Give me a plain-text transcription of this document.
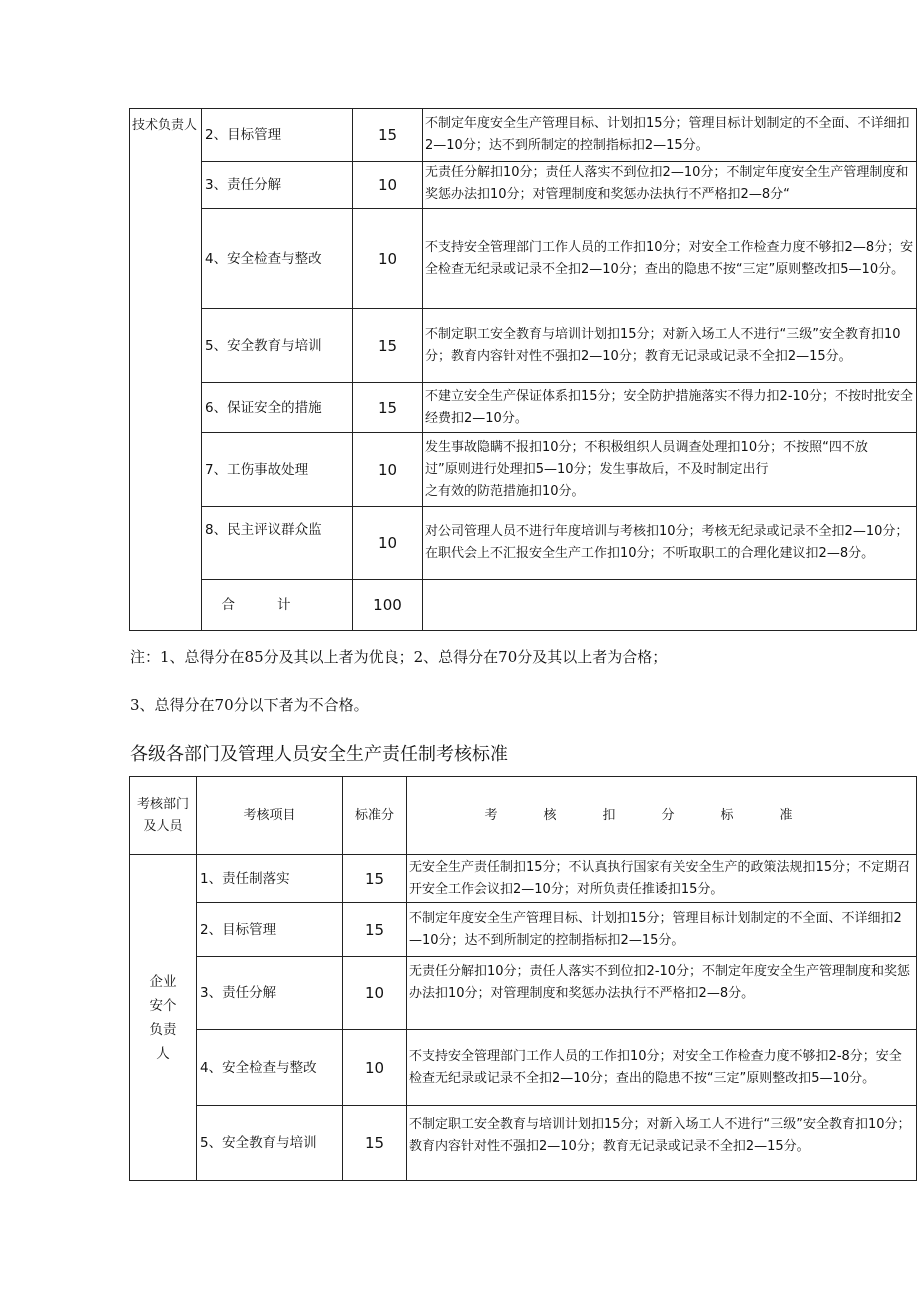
技术负责人	2、目标管理	15	不制定年度安全生产管理目标、计划扣15分；管理目标计划制定的不全面、不详细扣2—10分；达不到所制定的控制指标扣2—15分。
	3、责任分解	10	无责任分解扣10分；责任人落实不到位扣2—10分；不制定年度安全生产管理制度和奖惩办法扣10分；对管理制度和奖惩办法执行不严格扣2—8分“
	4、安全检查与整改	10	不支持安全管理部门工作人员的工作扣10分；对安全工作检查力度不够扣2—8分；安全检查无纪录或记录不全扣2—10分；查出的隐患不按“三定”原则整改扣5—10分。
	5、安全教育与培训	15	不制定职工安全教育与培训计划扣15分；对新入场工人不进行“三级”安全教育扣10分；教育内容针对性不强扣2—10分；教育无记录或记录不全扣2—15分。
	6、保证安全的措施	15	不建立安全生产保证体系扣15分；安全防护措施落实不得力扣2-10分；不按时批安全经费扣2—10分。
	7、工伤事故处理	10	发生事故隐瞒不报扣10分；不积极组织人员调查处理扣10分；不按照“四不放
过”原则进行处理扣5—10分；发生事故后，不及时制定出行
之有效的防范措施扣10分。

	8、民主评议群众监	10	对公司管理人员不进行年度培训与考核扣10分；考核无纪录或记录不全扣2—10分；在职代会上不汇报安全生产工作扣10分；不听取职工的合理化建议扣2—8分。
	合计	100	
注：1、总得分在85分及其以上者为优良；2、总得分在70分及其以上者为合格；
3、总得分在70分以下者为不合格。
各级各部门及管理人员安全生产责任制考核标准
考核部门及人员	考核项目	标准分	考核扣分标准

企业安个负责人	1、责任制落实	15	无安全生产责任制扣15分；不认真执行国家有关安全生产的政策法规扣15分；不定期召开安全工作会议扣2—10分；对所负责任推诿扣15分。
	2、目标管理	15	不制定年度安全生产管理目标、计划扣15分；管理目标计划制定的不全面、不详细扣2—10分；达不到所制定的控制指标扣2—15分。
	3、责任分解	10	无责任分解扣10分；责任人落实不到位扣2-10分；不制定年度安全生产管理制度和奖惩办法扣10分；对管理制度和奖惩办法执行不严格扣2—8分。
	4、安全检查与整改	10	不支持安全管理部门工作人员的工作扣10分；对安全工作检查力度不够扣2-8分；安全检查无纪录或记录不全扣2—10分；查出的隐患不按“三定”原则整改扣5—10分。
	5、安全教育与培训	15	不制定职工安全教育与培训计划扣15分；对新入场工人不进行“三级”安全教育扣10分；教育内容针对性不强扣2—10分；教育无记录或记录不全扣2—15分。
